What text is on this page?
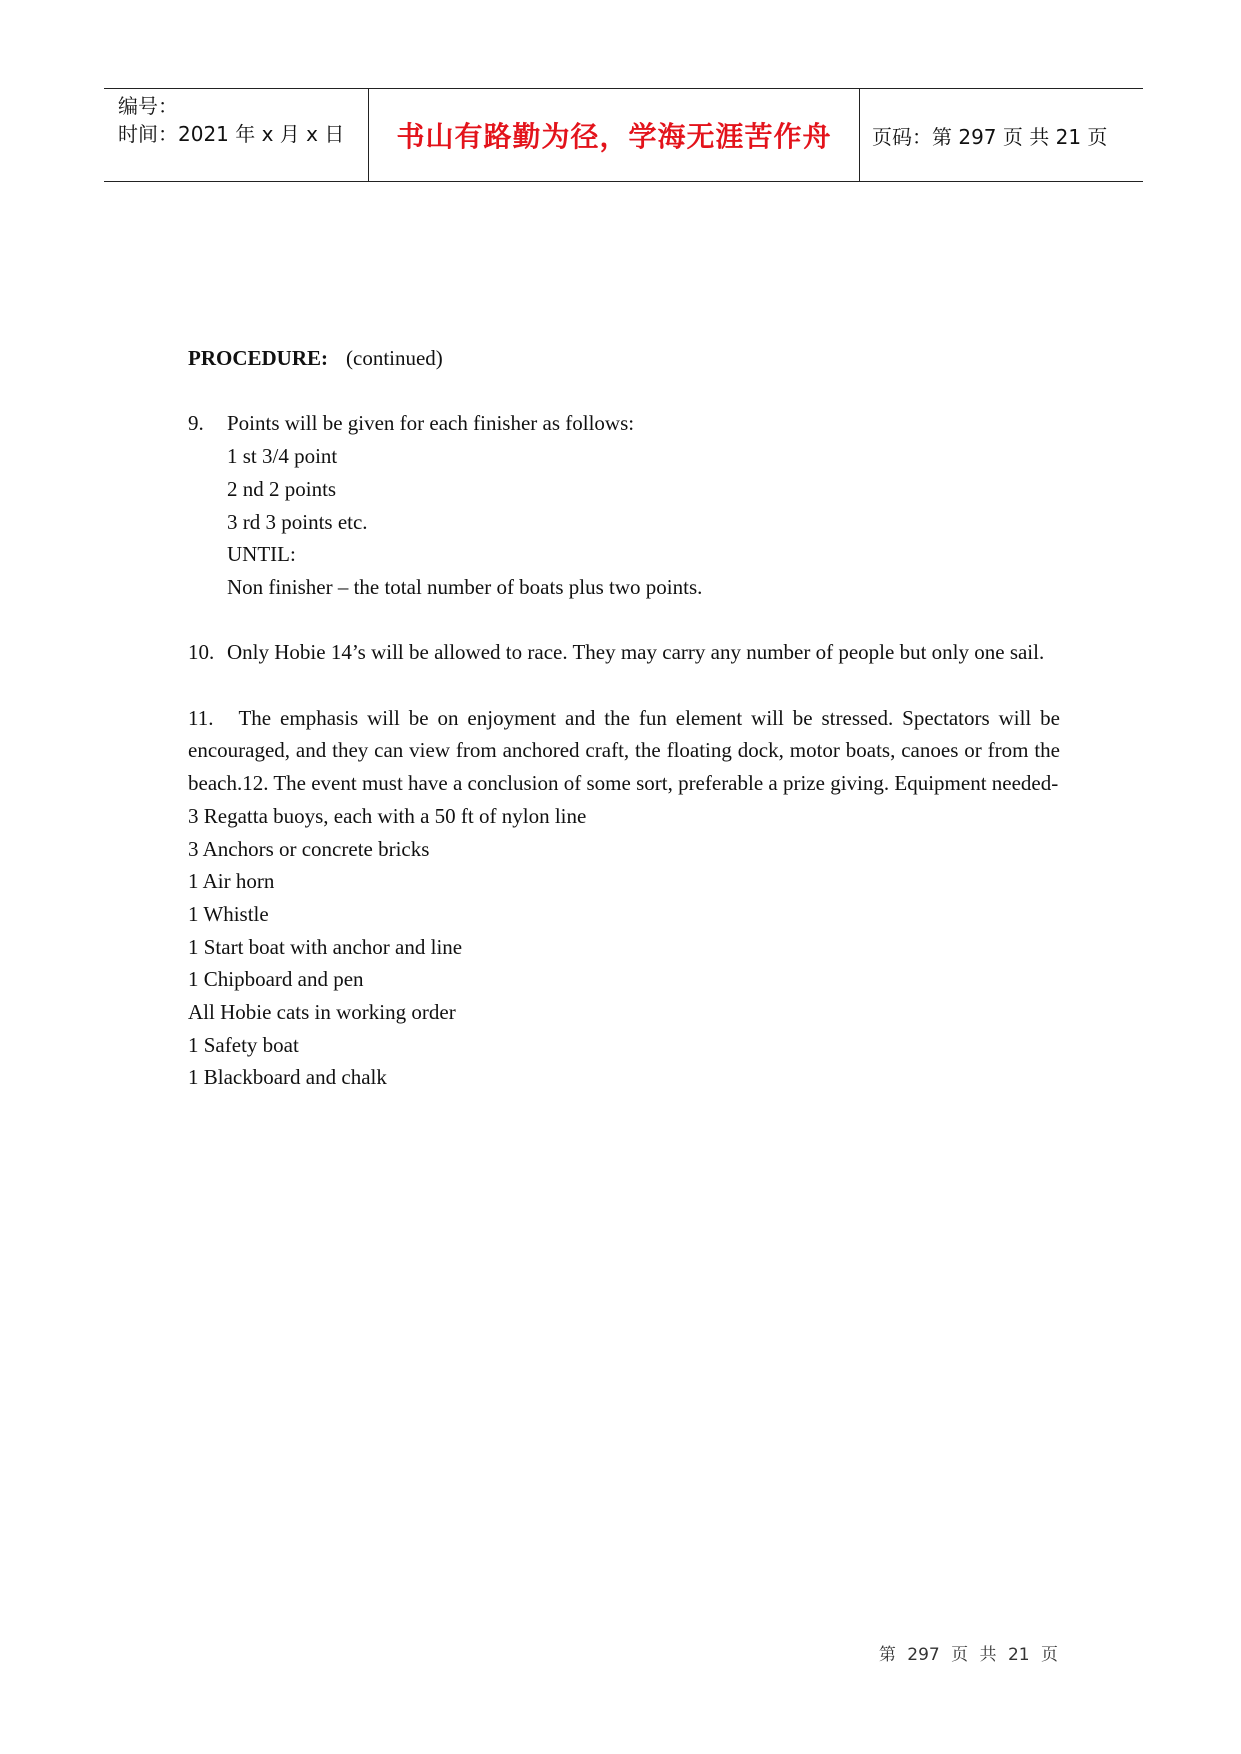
编号：
时间：2021 年 x 月 x 日	书山有路勤为径，学海无涯苦作舟 页码：第 297 页 共 21 页

PROCEDURE: (continued)

9.	Points will be given for each finisher as follows:

1 st 3/4 point

2 nd 2 points

3 rd 3 points etc.

UNTIL:

Non finisher – the total number of boats plus two points.

10. Only Hobie 14’s will be allowed to race. They may carry any number of people but only one sail.

11. The emphasis will be on enjoyment and the fun element will be stressed. Spectators will be encouraged, and they can view from anchored craft, the floating dock, motor boats, canoes or from the beach.12. The event must have a conclusion of some sort, preferable a prize giving. Equipment needed-

3 Regatta buoys, each with a 50 ft of nylon line

3 Anchors or concrete bricks

1 Air horn

1 Whistle

1 Start boat with anchor and line

1 Chipboard and pen

All Hobie cats in working order

1 Safety boat

1 Blackboard and chalk

第 297 页 共 21 页
